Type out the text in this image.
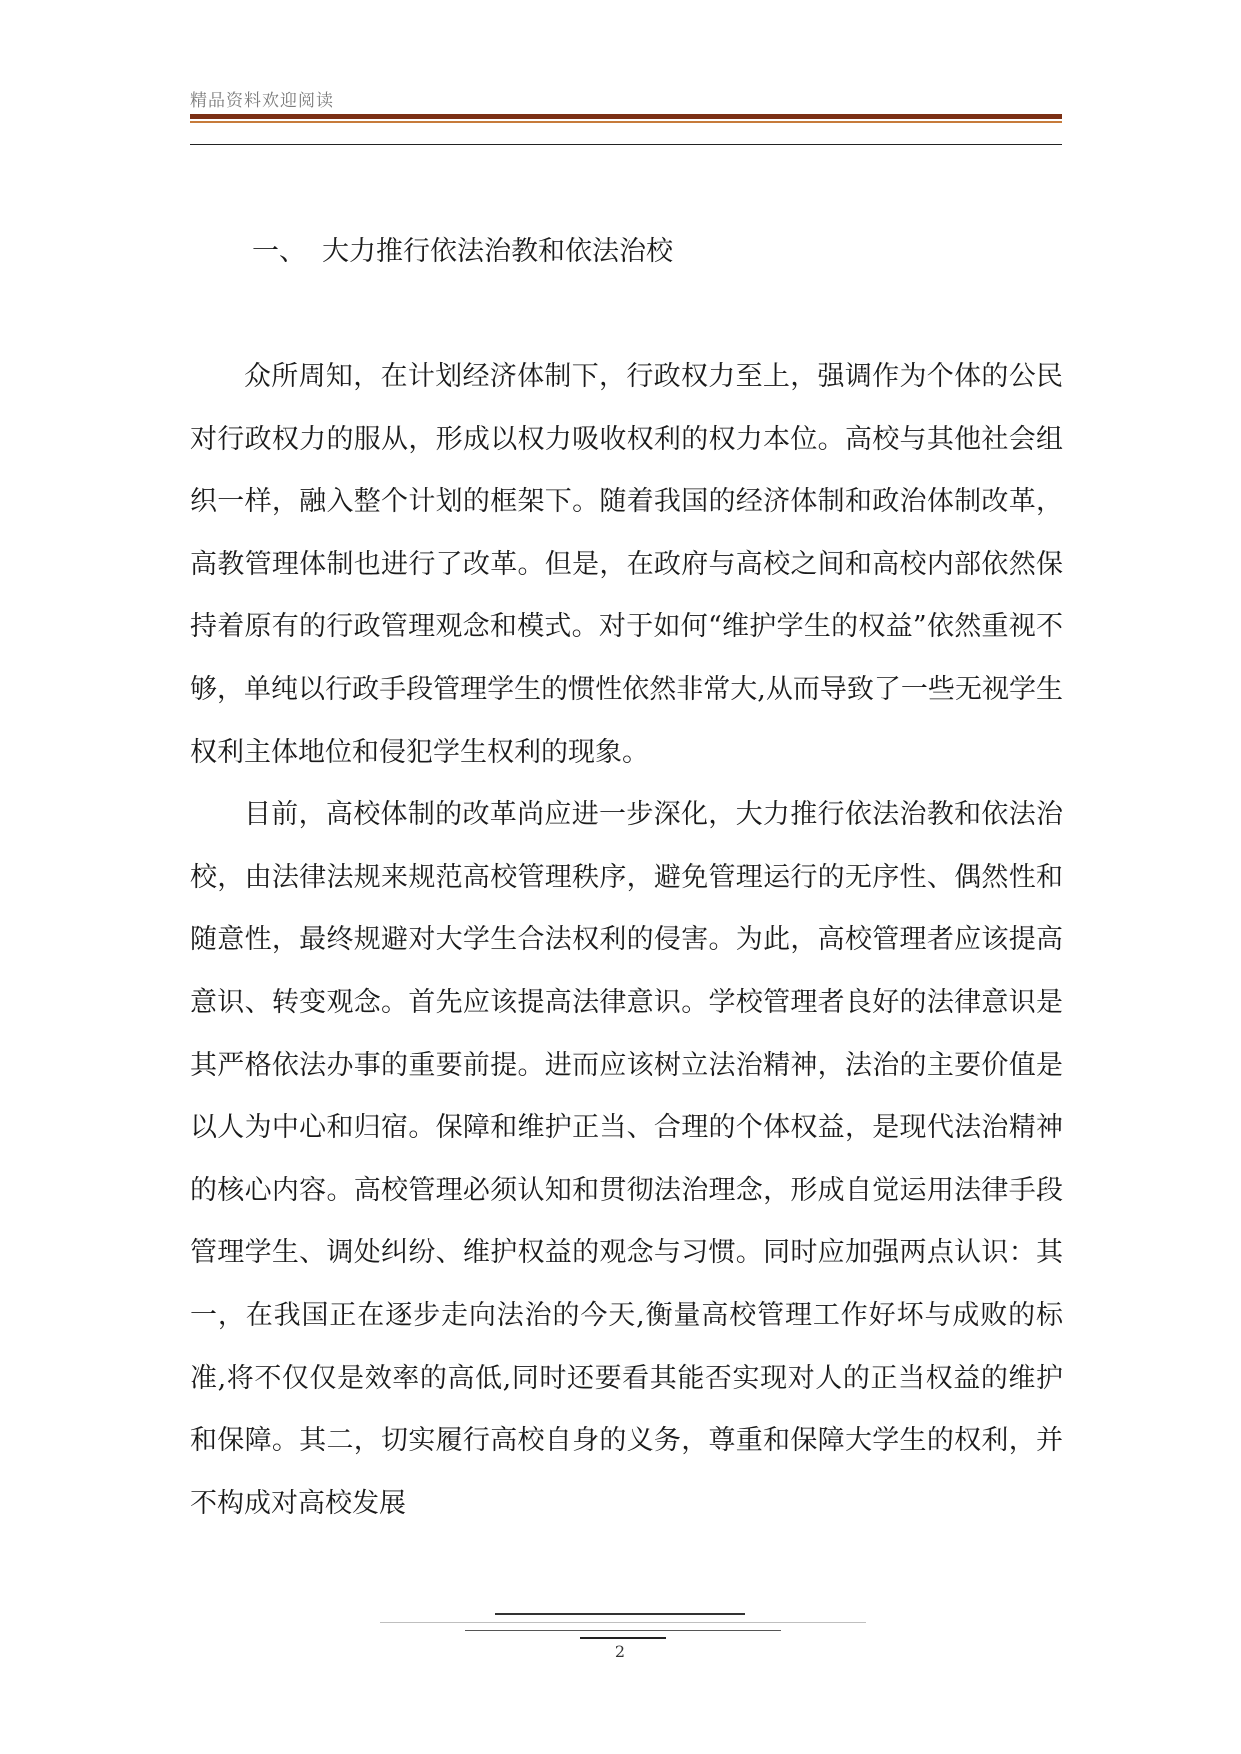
精品资料欢迎阅读
一、 大力推行依法治教和依法治校

众所周知，在计划经济体制下，行政权力至上，强调作为个体的公民对行政权力的服从，形成以权力吸收权利的权力本位。高校与其他社会组织一样，融入整个计划的框架下。随着我国的经济体制和政治体制改革，高教管理体制也进行了改革。但是，在政府与高校之间和高校内部依然保持着原有的行政管理观念和模式。对于如何“维护学生的权益”依然重视不够，单纯以行政手段管理学生的惯性依然非常大,从而导致了一些无视学生权利主体地位和侵犯学生权利的现象。

目前，高校体制的改革尚应进一步深化，大力推行依法治教和依法治校，由法律法规来规范高校管理秩序，避免管理运行的无序性、偶然性和随意性，最终规避对大学生合法权利的侵害。为此，高校管理者应该提高意识、转变观念。首先应该提高法律意识。学校管理者良好的法律意识是其严格依法办事的重要前提。进而应该树立法治精神，法治的主要价值是以人为中心和归宿。保障和维护正当、合理的个体权益，是现代法治精神的核心内容。高校管理必须认知和贯彻法治理念，形成自觉运用法律手段管理学生、调处纠纷、维护权益的观念与习惯。同时应加强两点认识：其一，在我国正在逐步走向法治的今天,衡量高校管理工作好坏与成败的标准,将不仅仅是效率的高低,同时还要看其能否实现对人的正当权益的维护和保障。其二，切实履行高校自身的义务，尊重和保障大学生的权利，并不构成对高校发展

2
